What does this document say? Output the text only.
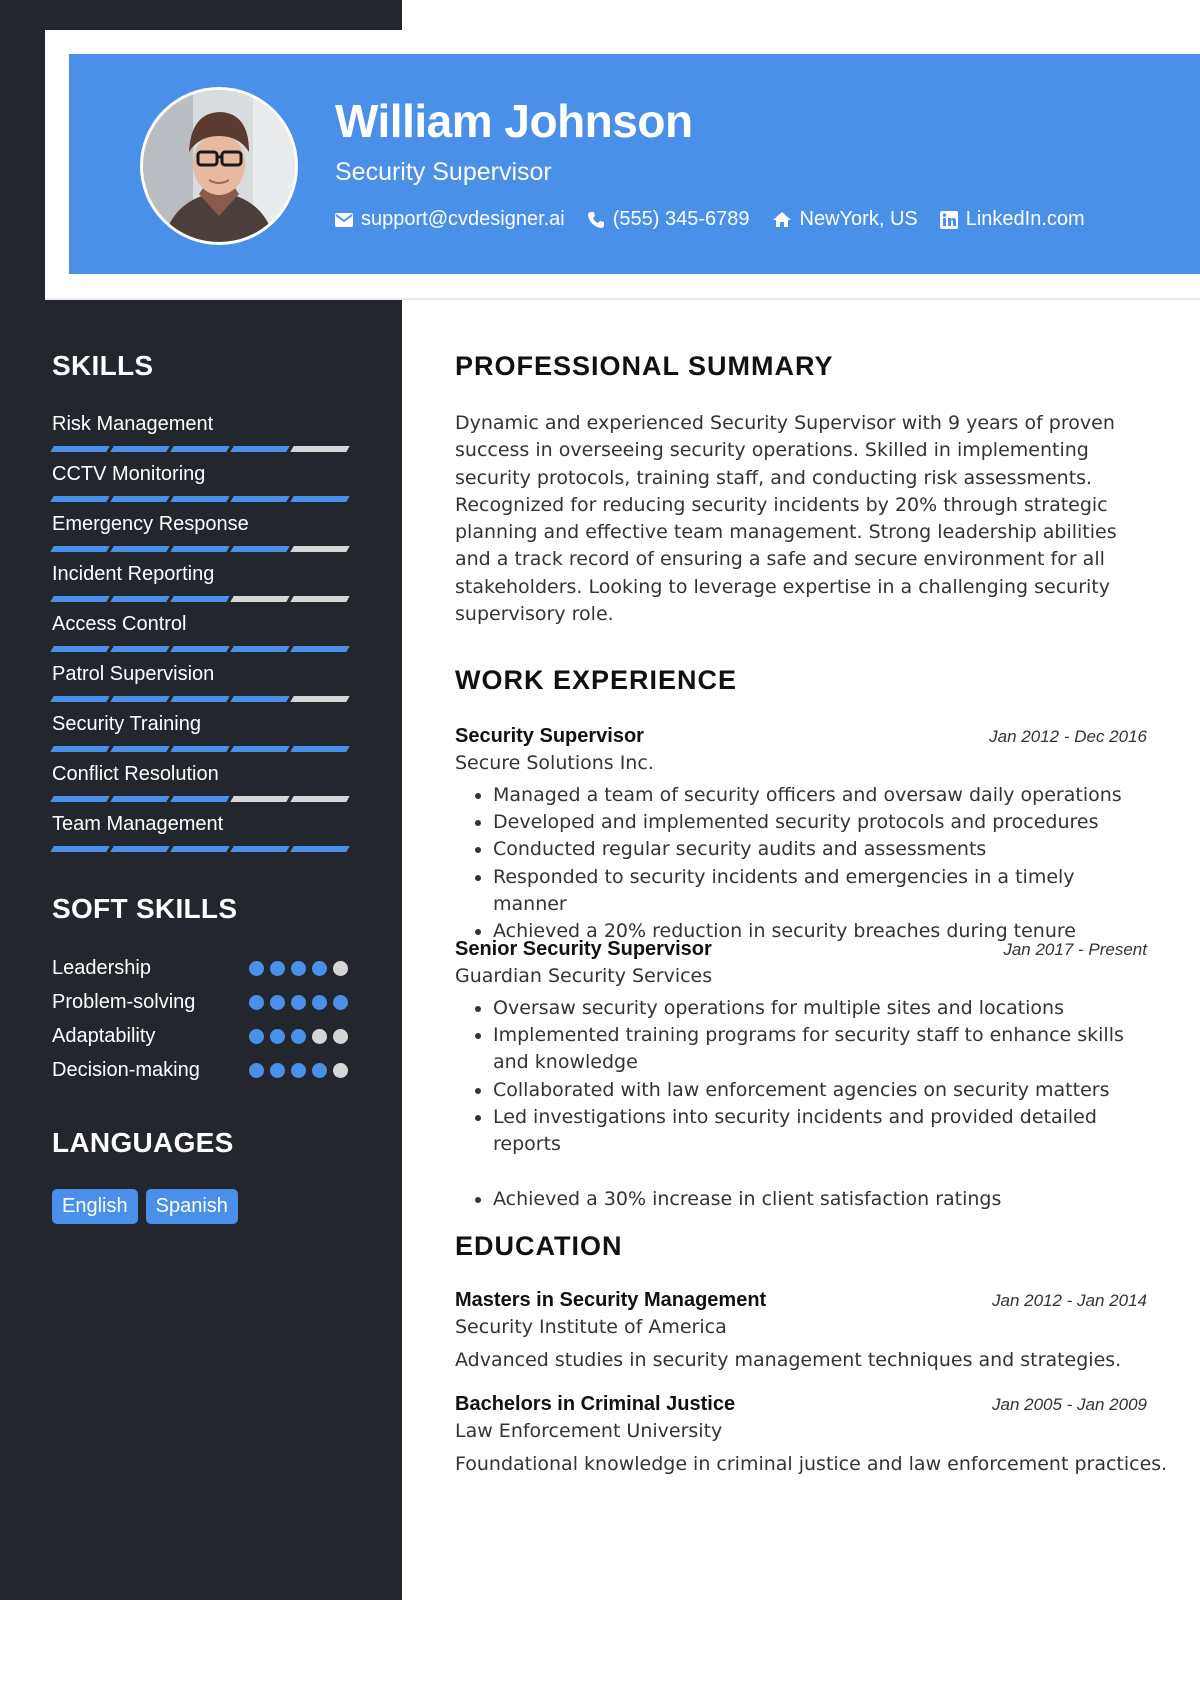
William Johnson
Security Supervisor
support@cvdesigner.ai (555) 345-6789	NewYork, US LinkedIn.com
SKILLS
Risk Management
CCTV Monitoring
Emergency Response
Incident Reporting
Access Control
Patrol Supervision
Security Training
Conflict Resolution
Team Management
SOFT SKILLS
Leadership
Problem-solving
Adaptability
Decision-making
LANGUAGES
English	Spanish
PROFESSIONAL SUMMARY
Dynamic and experienced Security Supervisor with 9 years of proven success in overseeing security operations. Skilled in implementing security protocols, training staff, and conducting risk assessments. Recognized for reducing security incidents by 20% through strategic planning and effective team management. Strong leadership abilities and a track record of ensuring a safe and secure environment for all stakeholders. Looking to leverage expertise in a challenging security supervisory role.
WORK EXPERIENCE
Security Supervisor	Jan 2012 - Dec 2016
Secure Solutions Inc.
• Managed a team of security officers and oversaw daily operations
• Developed and implemented security protocols and procedures
• Conducted regular security audits and assessments
• Responded to security incidents and emergencies in a timely manner
• Achieved a 20% reduction in security breaches during tenure
Senior Security Supervisor	Jan 2017 - Present
Guardian Security Services
• Oversaw security operations for multiple sites and locations
• Implemented training programs for security staff to enhance skills and knowledge
• Collaborated with law enforcement agencies on security matters
• Led investigations into security incidents and provided detailed reports
• Achieved a 30% increase in client satisfaction ratings
EDUCATION
Masters in Security Management	Jan 2012 - Jan 2014
Security Institute of America
Advanced studies in security management techniques and strategies.
Bachelors in Criminal Justice	Jan 2005 - Jan 2009
Law Enforcement University
Foundational knowledge in criminal justice and law enforcement practices.
